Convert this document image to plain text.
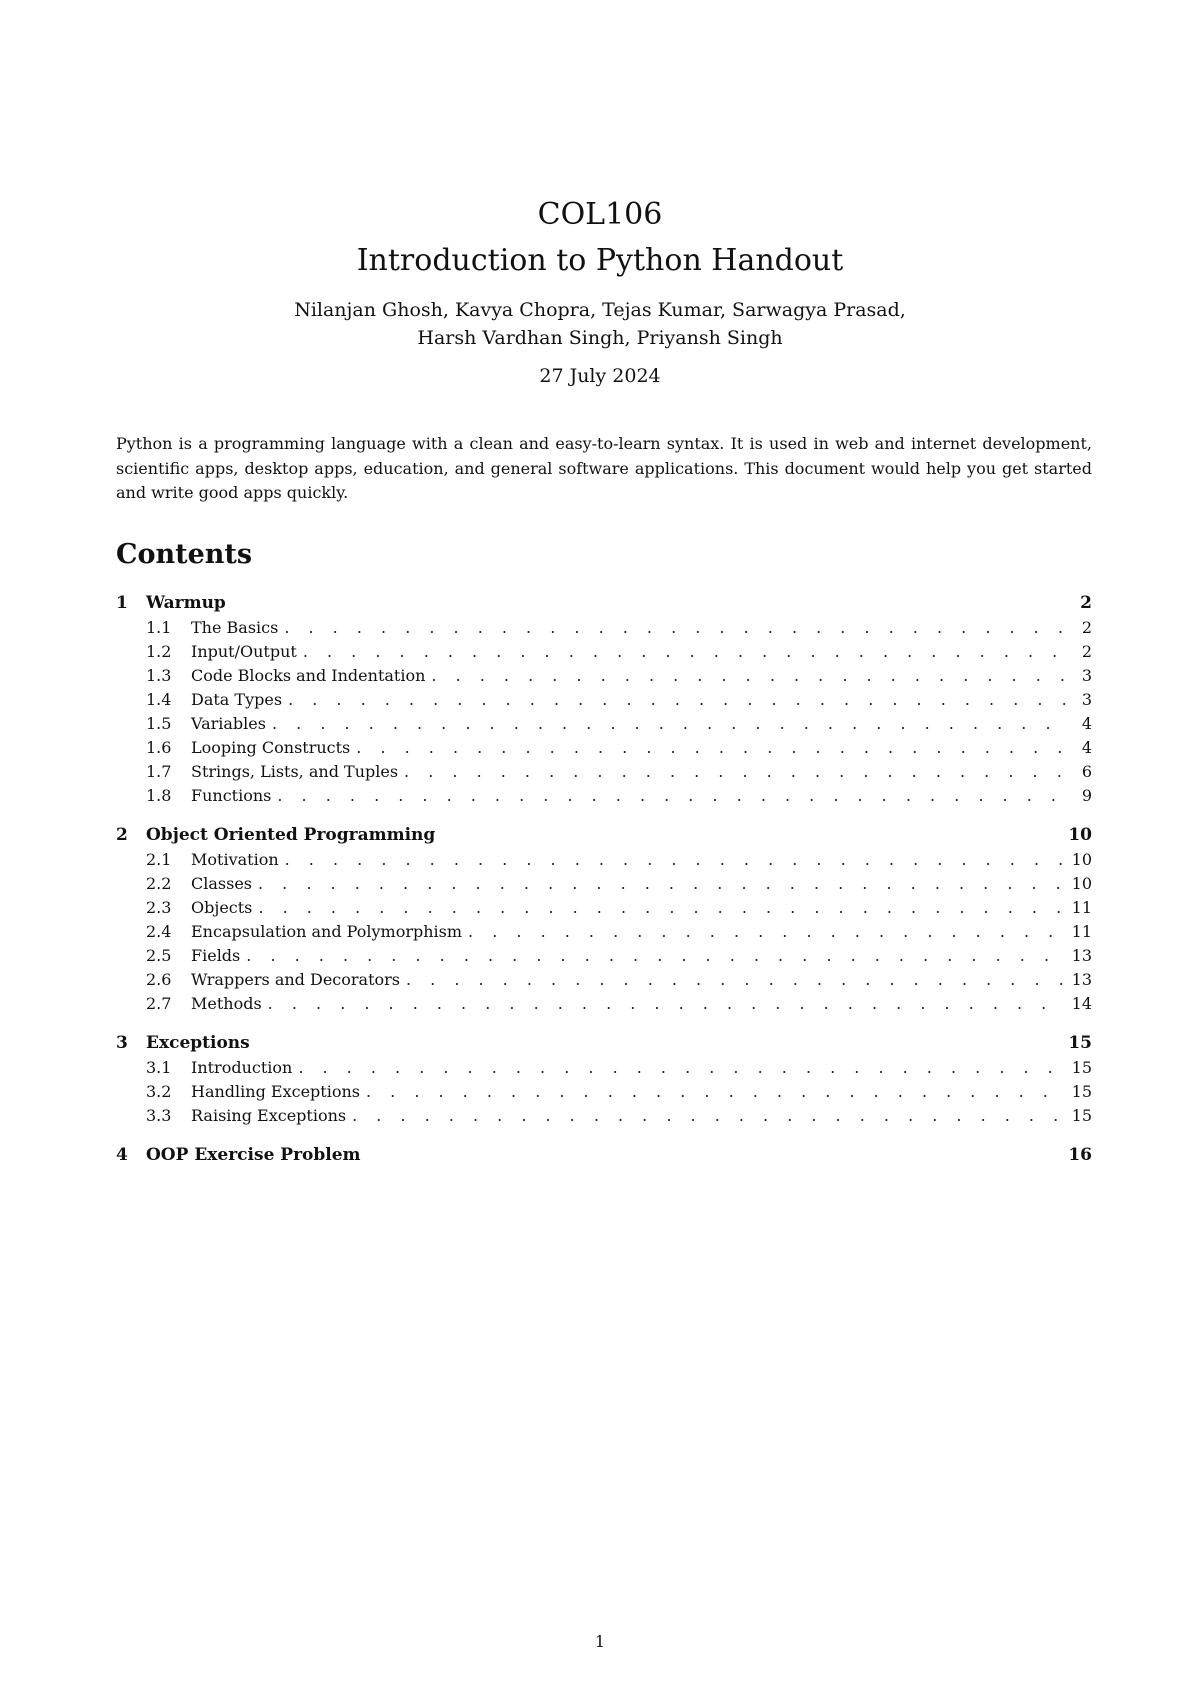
COL106
Introduction to Python Handout
Nilanjan Ghosh, Kavya Chopra, Tejas Kumar, Sarwagya Prasad,
Harsh Vardhan Singh, Priyansh Singh
27 July 2024

Python is a programming language with a clean and easy-to-learn syntax. It is used in web and internet development, scientific apps, desktop apps, education, and general software applications. This document would help you get started and write good apps quickly.

Contents
1	Warmup	2
1.1	The Basics . . .	2
1.2	Input/Output . . .	2
1.3	Code Blocks and Indentation . . .	3
1.4	Data Types . . .	3
1.5	Variables . . .	4
1.6	Looping Constructs . . .	4
1.7	Strings, Lists, and Tuples . . .	6
1.8	Functions . . .	9
2	Object Oriented Programming	10
2.1	Motivation . . .	10
2.2	Classes . . .	10
2.3	Objects . . .	11
2.4	Encapsulation and Polymorphism . . .	11
2.5	Fields . . .	13
2.6	Wrappers and Decorators . . .	13
2.7	Methods . . .	14
3	Exceptions	15
3.1	Introduction . . .	15
3.2	Handling Exceptions . . .	15
3.3	Raising Exceptions . . .	15
4	OOP Exercise Problem	16
1
